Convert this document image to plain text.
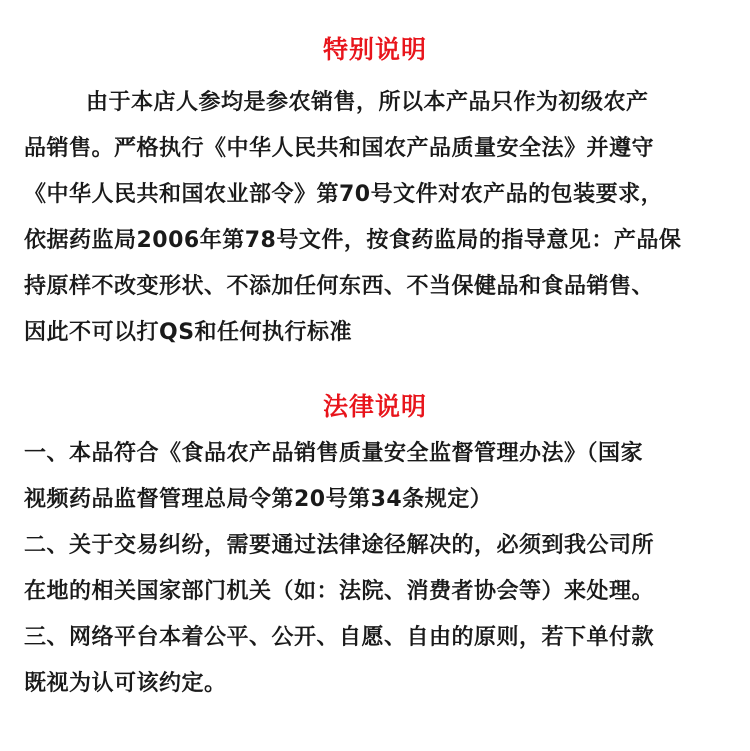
特别说明
由于本店人参均是参农销售，所以本产品只作为初级农产
品销售。严格执行《中华人民共和国农产品质量安全法》并遵守
《中华人民共和国农业部令》第70号文件对农产品的包装要求，
依据药监局2006年第78号文件，按食药监局的指导意见：产品保
持原样不改变形状、不添加任何东西、不当保健品和食品销售、
因此不可以打QS和任何执行标准
法律说明
一、本品符合《食品农产品销售质量安全监督管理办法》（国家
视频药品监督管理总局令第20号第34条规定）
二、关于交易纠纷，需要通过法律途径解决的，必须到我公司所
在地的相关国家部门机关（如：法院、消费者协会等）来处理。
三、网络平台本着公平、公开、自愿、自由的原则，若下单付款
既视为认可该约定。
